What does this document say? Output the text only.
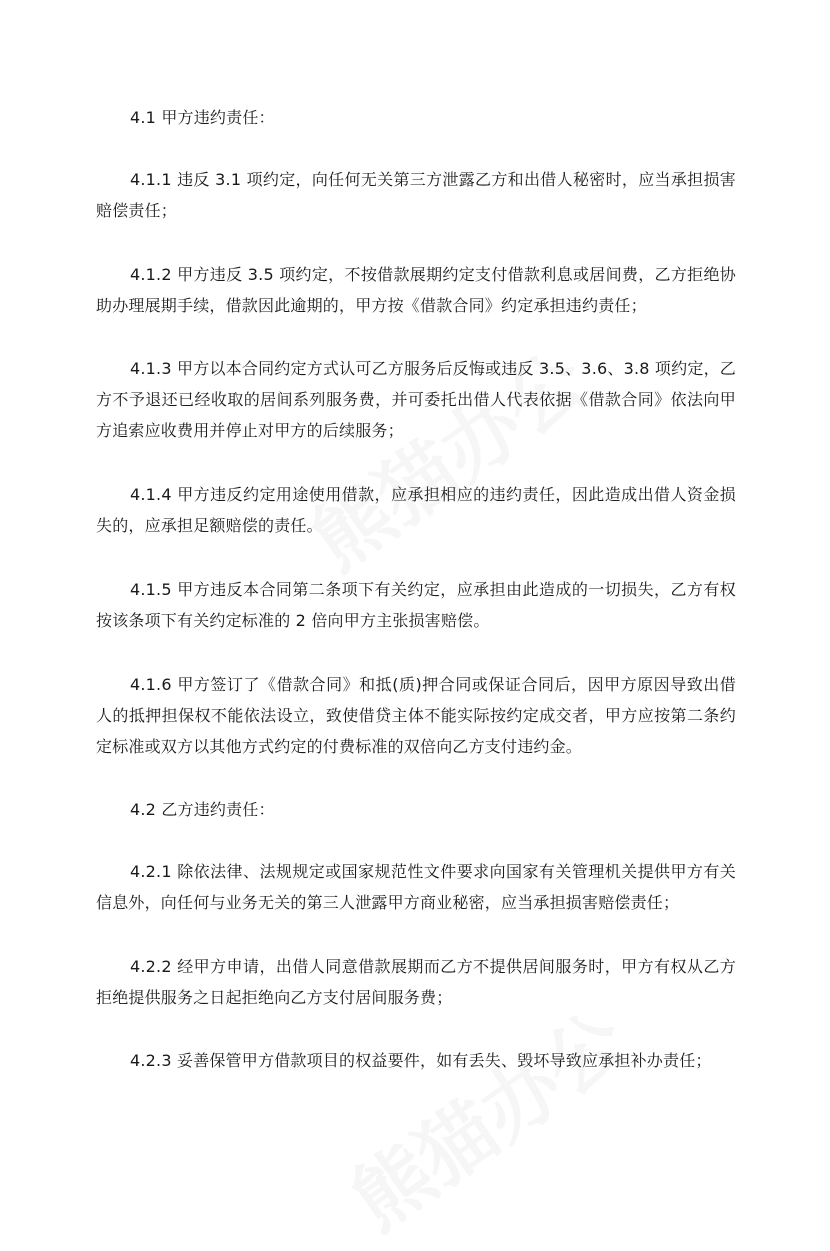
4.1 甲方违约责任：

4.1.1 违反 3.1 项约定，向任何无关第三方泄露乙方和出借人秘密时，应当承担损害赔偿责任；

4.1.2 甲方违反 3.5 项约定，不按借款展期约定支付借款利息或居间费，乙方拒绝协助办理展期手续，借款因此逾期的，甲方按《借款合同》约定承担违约责任；

4.1.3 甲方以本合同约定方式认可乙方服务后反悔或违反 3.5、3.6、3.8 项约定，乙方不予退还已经收取的居间系列服务费，并可委托出借人代表依据《借款合同》依法向甲方追索应收费用并停止对甲方的后续服务；

4.1.4 甲方违反约定用途使用借款，应承担相应的违约责任，因此造成出借人资金损失的，应承担足额赔偿的责任。

4.1.5 甲方违反本合同第二条项下有关约定，应承担由此造成的一切损失，乙方有权按该条项下有关约定标准的 2 倍向甲方主张损害赔偿。

4.1.6 甲方签订了《借款合同》和抵(质)押合同或保证合同后，因甲方原因导致出借人的抵押担保权不能依法设立，致使借贷主体不能实际按约定成交者，甲方应按第二条约定标准或双方以其他方式约定的付费标准的双倍向乙方支付违约金。

4.2 乙方违约责任：

4.2.1 除依法律、法规规定或国家规范性文件要求向国家有关管理机关提供甲方有关信息外，向任何与业务无关的第三人泄露甲方商业秘密，应当承担损害赔偿责任；

4.2.2 经甲方申请，出借人同意借款展期而乙方不提供居间服务时，甲方有权从乙方拒绝提供服务之日起拒绝向乙方支付居间服务费；

4.2.3 妥善保管甲方借款项目的权益要件，如有丢失、毁坏导致应承担补办责任；
